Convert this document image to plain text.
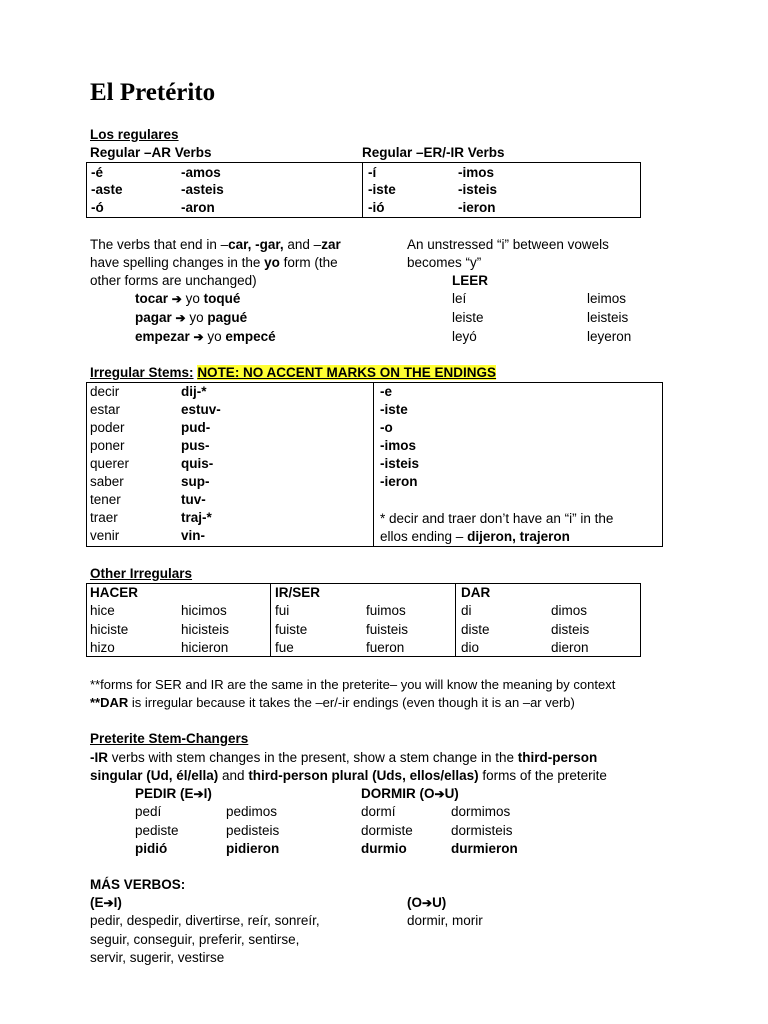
El Pretérito
Los regulares
Regular –AR Verbs	Regular –ER/-IR Verbs
-é	-amos
-aste	-asteis
-ó	-aron
-í	-imos
-iste	-isteis
-ió	-ieron
The verbs that end in –car, -gar, and –zar
have spelling changes in the yo form (the
other forms are unchanged)
tocar ➔ yo toqué
pagar ➔ yo pagué
empezar ➔ yo empecé
An unstressed “i” between vowels
becomes “y”
LEER
leí	leimos
leiste	leisteis
leyó	leyeron
Irregular Stems: NOTE: NO ACCENT MARKS ON THE ENDINGS
decir	dij-*
estar	estuv-
poder	pud-
poner	pus-
querer	quis-
saber	sup-
tener	tuv-
traer	traj-*
venir	vin-
-e
-iste
-o
-imos
-isteis
-ieron
* decir and traer don’t have an “i” in the
ellos ending – dijeron, trajeron
Other Irregulars
HACER
hice	hicimos
hiciste	hicisteis
hizo	hicieron
IR/SER
fui	fuimos
fuiste	fuisteis
fue	fueron
DAR
di	dimos
diste	disteis
dio	dieron
**forms for SER and IR are the same in the preterite– you will know the meaning by context
**DAR is irregular because it takes the –er/-ir endings (even though it is an –ar verb)
Preterite Stem-Changers
-IR verbs with stem changes in the present, show a stem change in the third-person
singular (Ud, él/ella) and third-person plural (Uds, ellos/ellas) forms of the preterite
PEDIR (E➔I)	DORMIR (O➔U)
pedí	pedimos
pediste	pedisteis
pidió	pidieron
dormí	dormimos
dormiste	dormisteis
durmio	durmieron
MÁS VERBOS:
(E➔I)	(O➔U)
pedir, despedir, divertirse, reír, sonreír,
seguir, conseguir, preferir, sentirse,
servir, sugerir, vestirse
dormir, morir
